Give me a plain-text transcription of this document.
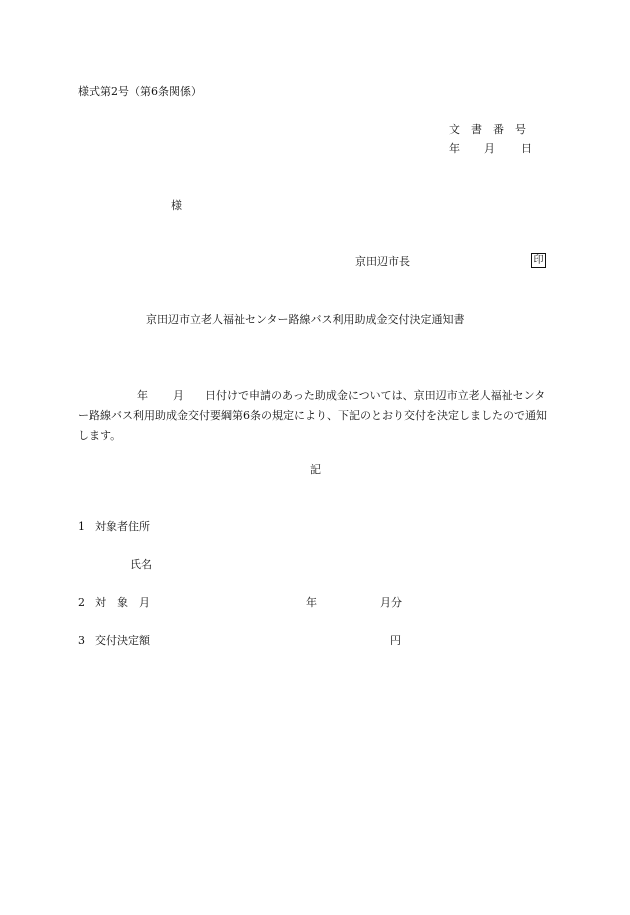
様式第2号（第6条関係）
文　書　番　号
年 月 日
様
京田辺市長	印
京田辺市立老人福祉センター路線バス利用助成金交付決定通知書
年 月 日付けで申請のあった助成金については、京田辺市立老人福祉センター路線バス利用助成金交付要綱第6条の規定により、下記のとおり交付を決定しましたので通知します。
記
1 対象者住所
氏名
2 対　象　月	年	月分
3 交付決定額	円
